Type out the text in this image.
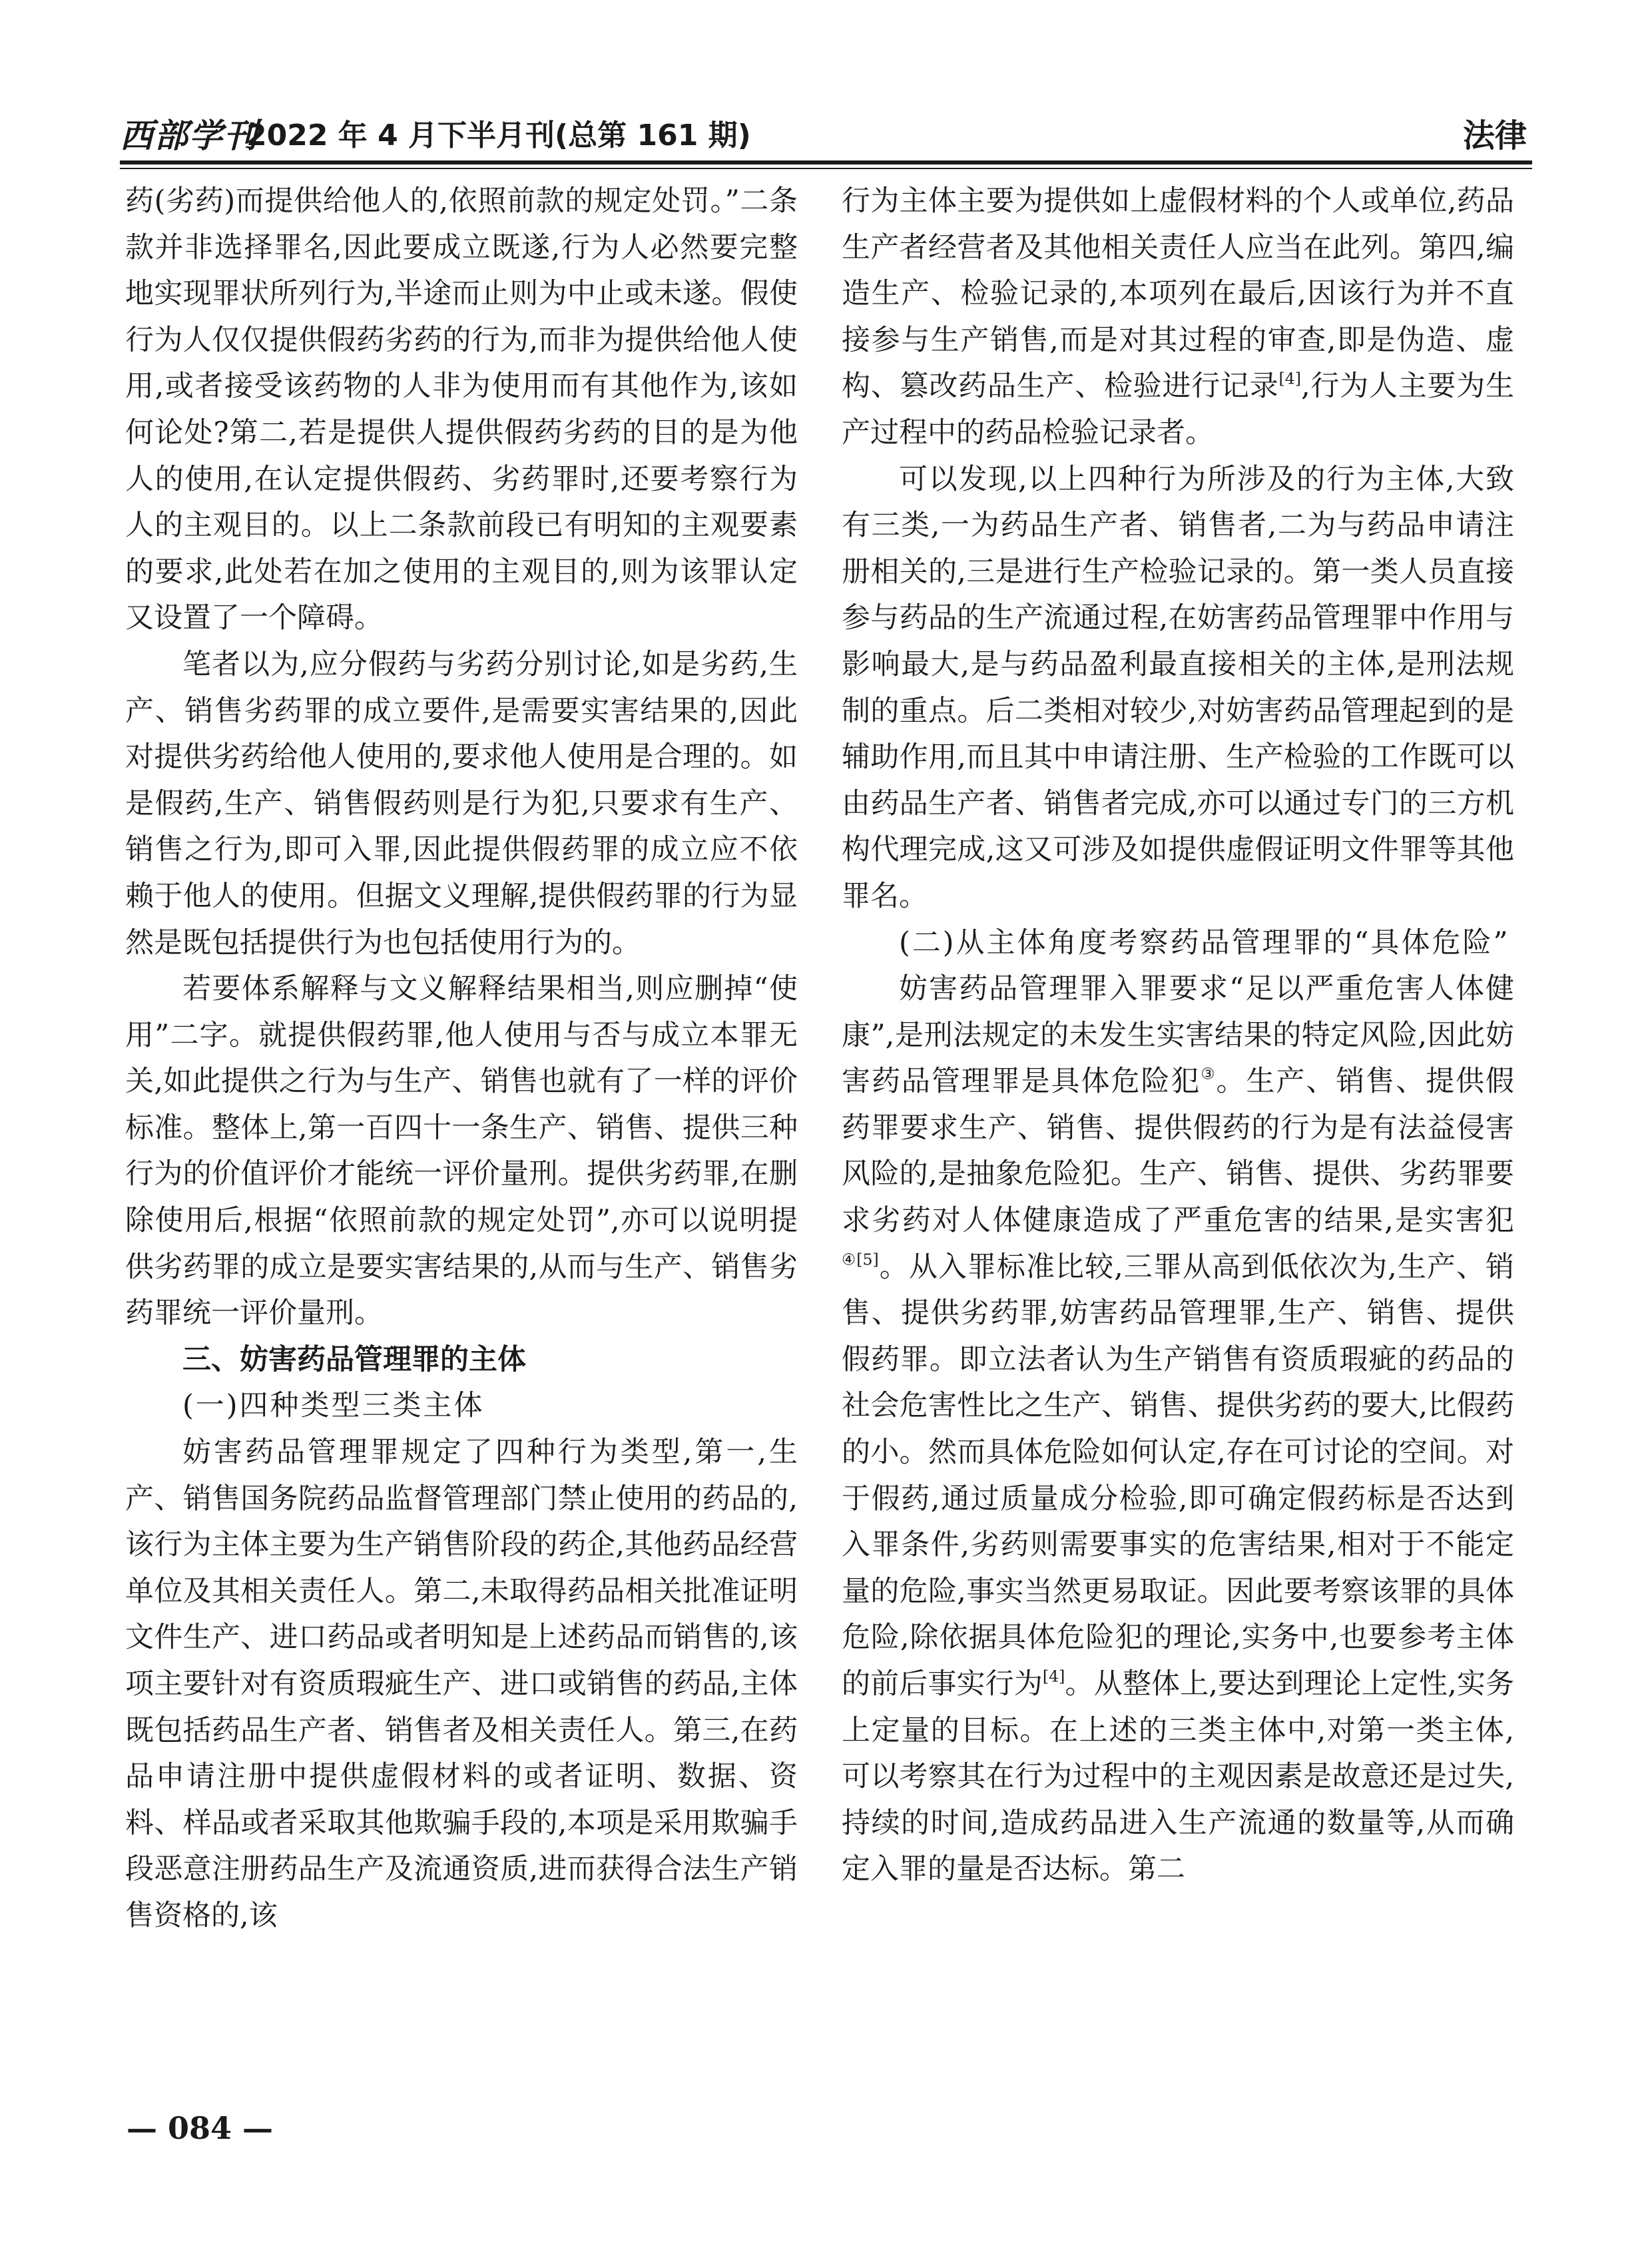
西部学刊
2022 年 4 月下半月刊(总第 161 期)	法律

药(劣药)而提供给他人的,依照前款的规定处罚。”二条款并非选择罪名,因此要成立既遂,行为人必然要完整地实现罪状所列行为,半途而止则为中止或未遂。假使行为人仅仅提供假药劣药的行为,而非为提供给他人使用,或者接受该药物的人非为使用而有其他作为,该如何论处?第二,若是提供人提供假药劣药的目的是为他人的使用,在认定提供假药、劣药罪时,还要考察行为人的主观目的。以上二条款前段已有明知的主观要素的要求,此处若在加之使用的主观目的,则为该罪认定又设置了一个障碍。

笔者以为,应分假药与劣药分别讨论,如是劣药,生产、销售劣药罪的成立要件,是需要实害结果的,因此对提供劣药给他人使用的,要求他人使用是合理的。如是假药,生产、销售假药则是行为犯,只要求有生产、销售之行为,即可入罪,因此提供假药罪的成立应不依赖于他人的使用。但据文义理解,提供假药罪的行为显然是既包括提供行为也包括使用行为的。

若要体系解释与文义解释结果相当,则应删掉“使用”二字。就提供假药罪,他人使用与否与成立本罪无关,如此提供之行为与生产、销售也就有了一样的评价标准。整体上,第一百四十一条生产、销售、提供三种行为的价值评价才能统一评价量刑。提供劣药罪,在删除使用后,根据“依照前款的规定处罚”,亦可以说明提供劣药罪的成立是要实害结果的,从而与生产、销售劣药罪统一评价量刑。

三、妨害药品管理罪的主体

(一)四种类型三类主体

妨害药品管理罪规定了四种行为类型,第一,生产、销售国务院药品监督管理部门禁止使用的药品的,该行为主体主要为生产销售阶段的药企,其他药品经营单位及其相关责任人。第二,未取得药品相关批准证明文件生产、进口药品或者明知是上述药品而销售的,该项主要针对有资质瑕疵生产、进口或销售的药品,主体既包括药品生产者、销售者及相关责任人。第三,在药品申请注册中提供虚假材料的或者证明、数据、资料、样品或者采取其他欺骗手段的,本项是采用欺骗手段恶意注册药品生产及流通资质,进而获得合法生产销售资格的,该

行为主体主要为提供如上虚假材料的个人或单位,药品生产者经营者及其他相关责任人应当在此列。第四,编造生产、检验记录的,本项列在最后,因该行为并不直接参与生产销售,而是对其过程的审查,即是伪造、虚构、篡改药品生产、检验进行记录[4],行为人主要为生产过程中的药品检验记录者。

可以发现,以上四种行为所涉及的行为主体,大致有三类,一为药品生产者、销售者,二为与药品申请注册相关的,三是进行生产检验记录的。第一类人员直接参与药品的生产流通过程,在妨害药品管理罪中作用与影响最大,是与药品盈利最直接相关的主体,是刑法规制的重点。后二类相对较少,对妨害药品管理起到的是辅助作用,而且其中申请注册、生产检验的工作既可以由药品生产者、销售者完成,亦可以通过专门的三方机构代理完成,这又可涉及如提供虚假证明文件罪等其他罪名。

(二)从主体角度考察药品管理罪的“具体危险”

妨害药品管理罪入罪要求“足以严重危害人体健康”,是刑法规定的未发生实害结果的特定风险,因此妨害药品管理罪是具体危险犯③。生产、销售、提供假药罪要求生产、销售、提供假药的行为是有法益侵害风险的,是抽象危险犯。生产、销售、提供、劣药罪要求劣药对人体健康造成了严重危害的结果,是实害犯$^{④[5]}$。从入罪标准比较,三罪从高到低依次为,生产、销售、提供劣药罪,妨害药品管理罪,生产、销售、提供假药罪。即立法者认为生产销售有资质瑕疵的药品的社会危害性比之生产、销售、提供劣药的要大,比假药的小。然而具体危险如何认定,存在可讨论的空间。对于假药,通过质量成分检验,即可确定假药标是否达到入罪条件,劣药则需要事实的危害结果,相对于不能定量的危险,事实当然更易取证。因此要考察该罪的具体危险,除依据具体危险犯的理论,实务中,也要参考主体的前后事实行为[4]。从整体上,要达到理论上定性,实务上定量的目标。在上述的三类主体中,对第一类主体,可以考察其在行为过程中的主观因素是故意还是过失,持续的时间,造成药品进入生产流通的数量等,从而确定入罪的量是否达标。第二

— 084 —
